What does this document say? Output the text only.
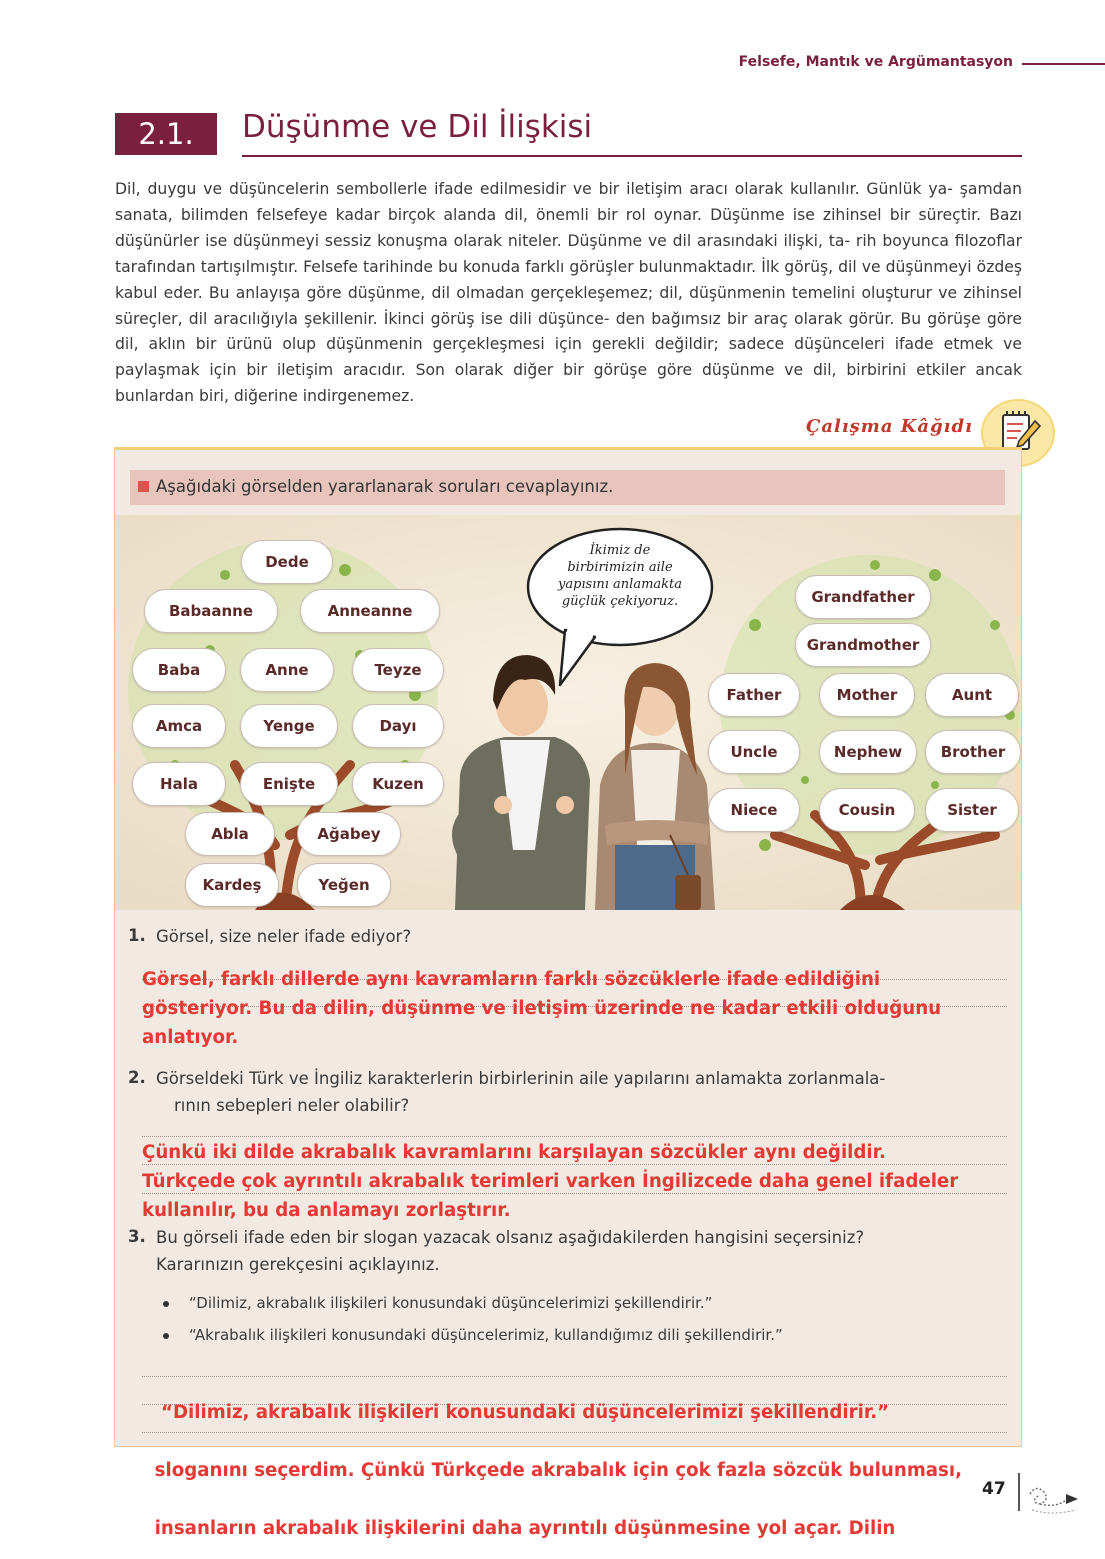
Felsefe, Mantık ve Argümantasyon
2.1.	Düşünme ve Dil İlişkisi

Dil, duygu ve düşüncelerin sembollerle ifade edilmesidir ve bir iletişim aracı olarak kullanılır. Günlük ya- şamdan sanata, bilimden felsefeye kadar birçok alanda dil, önemli bir rol oynar. Düşünme ise zihinsel bir süreçtir. Bazı düşünürler ise düşünmeyi sessiz konuşma olarak niteler. Düşünme ve dil arasındaki ilişki, ta- rih boyunca filozoflar tarafından tartışılmıştır. Felsefe tarihinde bu konuda farklı görüşler bulunmaktadır. İlk görüş, dil ve düşünmeyi özdeş kabul eder. Bu anlayışa göre düşünme, dil olmadan gerçekleşemez; dil, düşünmenin temelini oluşturur ve zihinsel süreçler, dil aracılığıyla şekillenir. İkinci görüş ise dili düşünce- den bağımsız bir araç olarak görür. Bu görüşe göre dil, aklın bir ürünü olup düşünmenin gerçekleşmesi için gerekli değildir; sadece düşünceleri ifade etmek ve paylaşmak için bir iletişim aracıdır. Son olarak diğer bir görüşe göre düşünme ve dil, birbirini etkiler ancak bunlardan biri, diğerine indirgenemez.

Çalışma Kâğıdı
Aşağıdaki görselden yararlanarak soruları cevaplayınız.
İkimiz de
birbirimizin aile
yapısını anlamakta
güçlük çekiyoruz.
Dede
Babaanne	Anneanne
Baba	Anne	Teyze
Amca	Yenge	Dayı
Hala	Enişte	Kuzen
Abla	Ağabey
Kardeş	Yeğen
Grandfather
Grandmother
Father	Mother	Aunt
Uncle	Nephew	Brother
Niece	Cousin	Sister
1. Görsel, size neler ifade ediyor?

Görsel, farklı dillerde aynı kavramların farklı sözcüklerle ifade edildiğini
gösteriyor. Bu da dilin, düşünme ve iletişim üzerinde ne kadar etkili olduğunu
anlatıyor.

2. Görseldeki Türk ve İngiliz karakterlerin birbirlerinin aile yapılarını anlamakta zorlanmala-
rının sebepleri neler olabilir?

Çünkü iki dilde akrabalık kavramlarını karşılayan sözcükler aynı değildir.
Türkçede çok ayrıntılı akrabalık terimleri varken İngilizcede daha genel ifadeler
kullanılır, bu da anlamayı zorlaştırır.

3. Bu görseli ifade eden bir slogan yazacak olsanız aşağıdakilerden hangisini seçersiniz?
Kararınızın gerekçesini açıklayınız.
“Dilimiz, akrabalık ilişkileri konusundaki düşüncelerimizi şekillendirir.”
“Akrabalık ilişkileri konusundaki düşüncelerimiz, kullandığımız dili şekillendirir.”

“Dilimiz, akrabalık ilişkileri konusundaki düşüncelerimizi şekillendirir.”

sloganını seçerdim. Çünkü Türkçede akrabalık için çok fazla sözcük bulunması,

insanların akrabalık ilişkilerini daha ayrıntılı düşünmesine yol açar. Dilin

47
